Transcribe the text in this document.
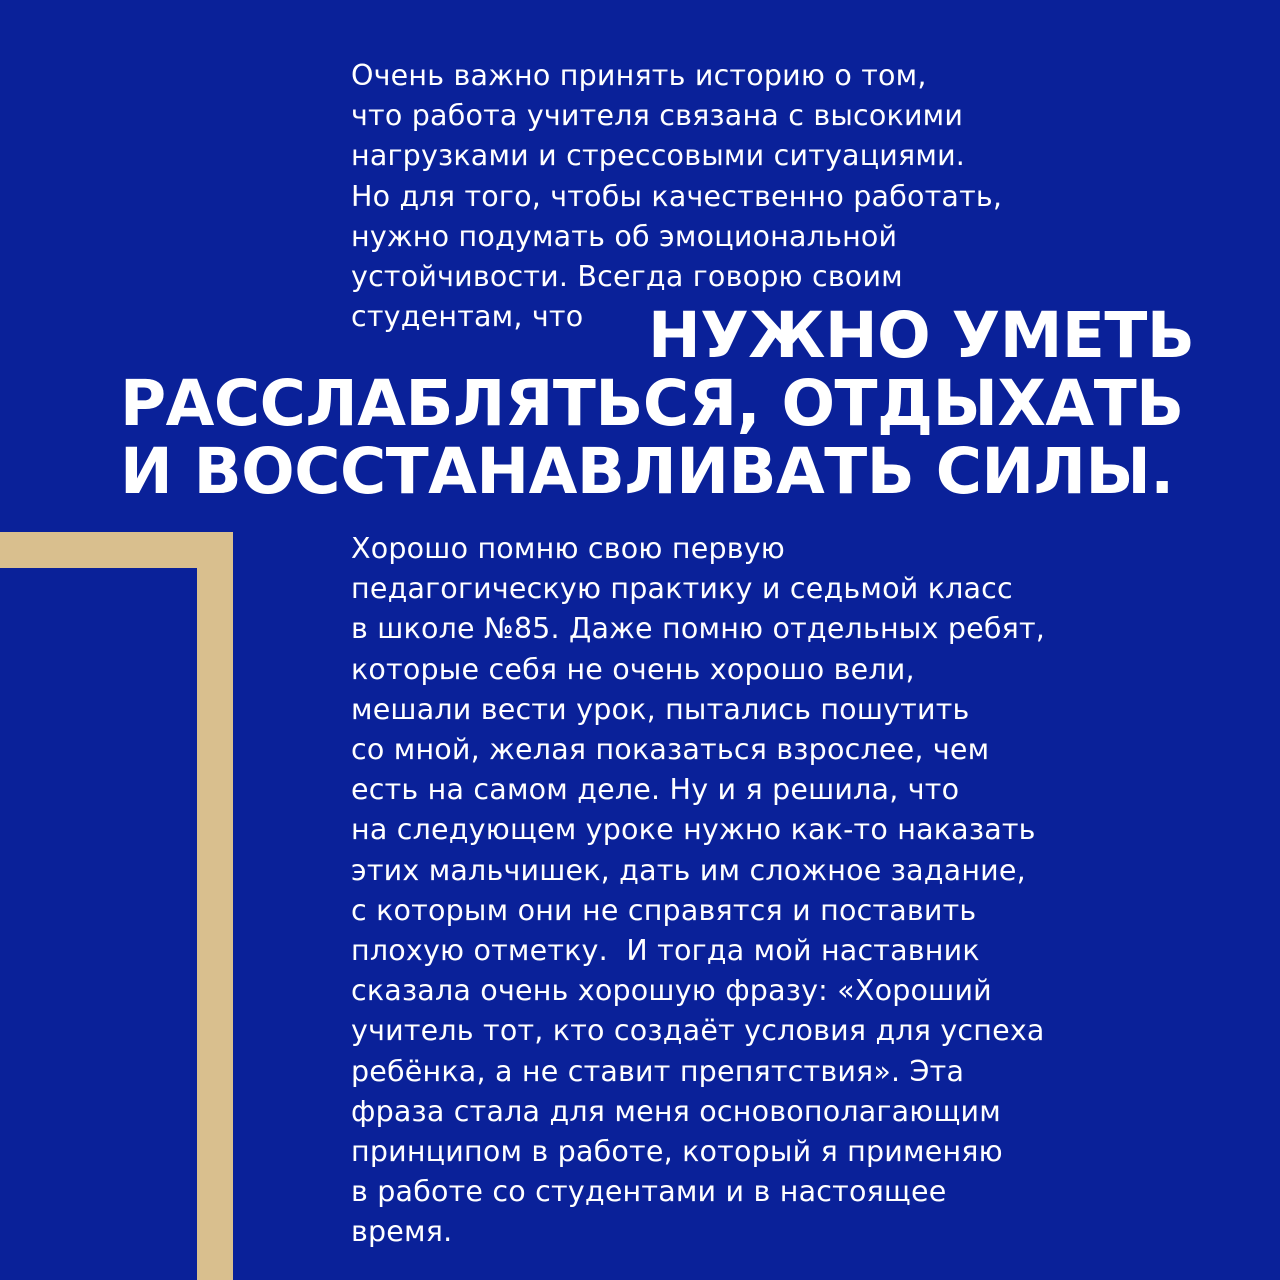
Очень важно принять историю о том,
что работа учителя связана с высокими
нагрузками и стрессовыми ситуациями.
Но для того, чтобы качественно работать,
нужно подумать об эмоциональной
устойчивости. Всегда говорю своим
студентам, что	НУЖНО УМЕТЬ
РАССЛАБЛЯТЬСЯ, ОТДЫХАТЬ
И ВОССТАНАВЛИВАТЬ СИЛЫ.
Хорошо помню свою первую
педагогическую практику и седьмой класс
в школе №85. Даже помню отдельных ребят,
которые себя не очень хорошо вели,
мешали вести урок, пытались пошутить
со мной, желая показаться взрослее, чем
есть на самом деле. Ну и я решила, что
на следующем уроке нужно как-то наказать
этих мальчишек, дать им сложное задание,
с которым они не справятся и поставить
плохую отметку.  И тогда мой наставник
сказала очень хорошую фразу: «Хороший
учитель тот, кто создаёт условия для успеха
ребёнка, а не ставит препятствия». Эта
фраза стала для меня основополагающим
принципом в работе, который я применяю
в работе со студентами и в настоящее
время.
